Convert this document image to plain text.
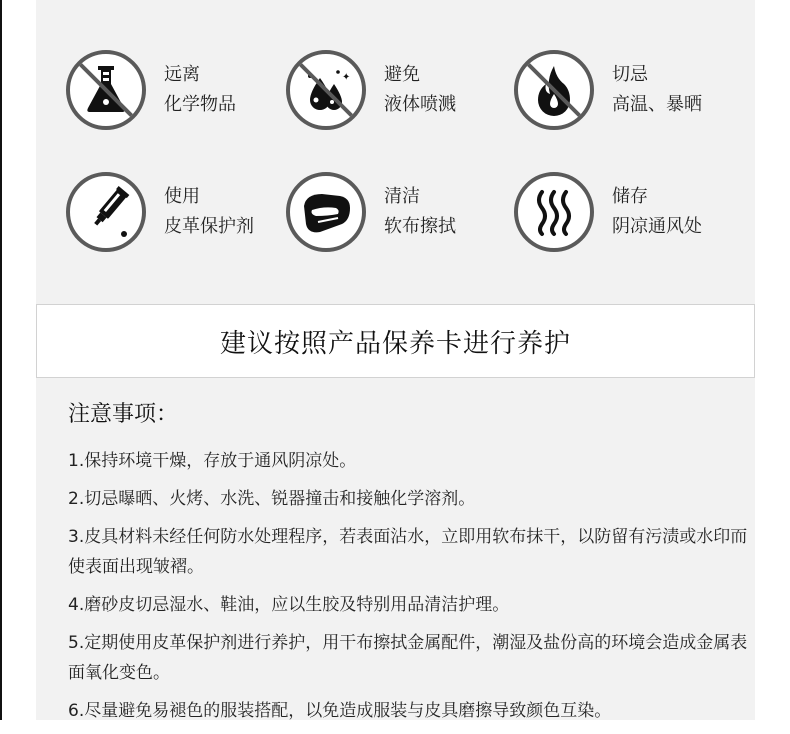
远离
化学物品
✦ 避免
液体喷溅
切忌
高温、暴晒
使用
皮革保护剂
清洁
软布擦拭
储存
阴凉通风处
建议按照产品保养卡进行养护
注意事项：
1.保持环境干燥，存放于通风阴凉处。
2.切忌曝晒、火烤、水洗、锐器撞击和接触化学溶剂。
3.皮具材料未经任何防水处理程序，若表面沾水，立即用软布抹干，以防留有污渍或水印而使表面出现皱褶。
4.磨砂皮切忌湿水、鞋油，应以生胶及特别用品清洁护理。
5.定期使用皮革保护剂进行养护，用干布擦拭金属配件，潮湿及盐份高的环境会造成金属表面氧化变色。
6.尽量避免易褪色的服装搭配，以免造成服装与皮具磨擦导致颜色互染。
